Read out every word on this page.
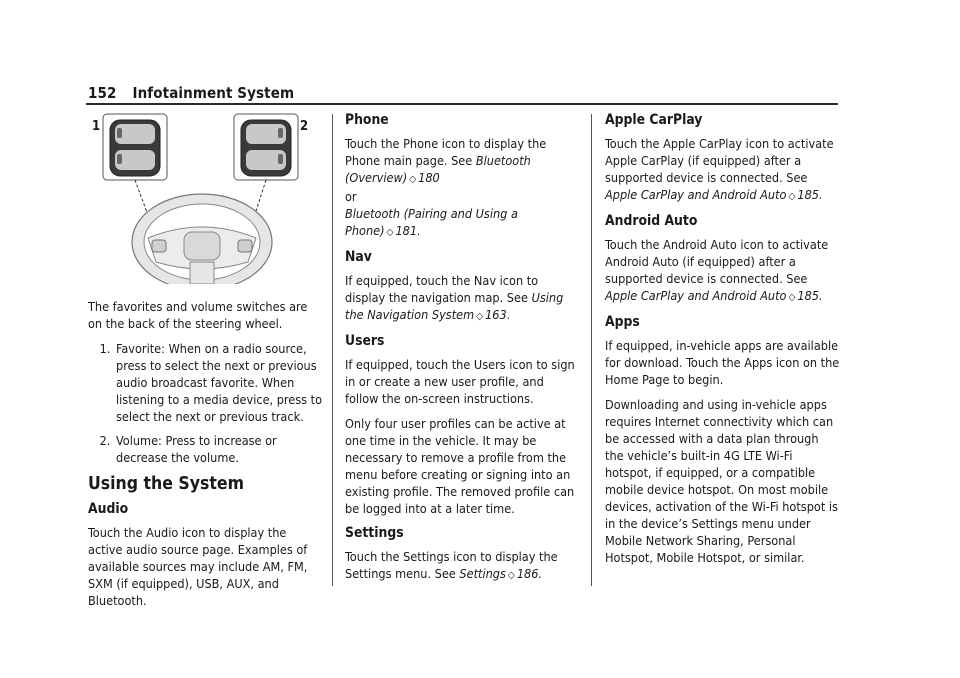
152 Infotainment System
1	2

The favorites and volume switches are on the back of the steering wheel.

1. Favorite: When on a radio source, press to select the next or previous audio broadcast favorite. When listening to a media device, press to select the next or previous track.
2. Volume: Press to increase or decrease the volume.
Using the System
Audio

Touch the Audio icon to display the active audio source page. Examples of available sources may include AM, FM, SXM (if equipped), USB, AUX, and Bluetooth.

Phone

Touch the Phone icon to display the Phone main page. See Bluetooth (Overview) ◇ 180
or
Bluetooth (Pairing and Using a Phone) ◇ 181.

Nav

If equipped, touch the Nav icon to display the navigation map. See Using the Navigation System ◇ 163.

Users

If equipped, touch the Users icon to sign in or create a new user profile, and follow the on-screen instructions.

Only four user profiles can be active at one time in the vehicle. It may be necessary to remove a profile from the menu before creating or signing into an existing profile. The removed profile can be logged into at a later time.

Settings

Touch the Settings icon to display the Settings menu. See Settings ◇ 186.

Apple CarPlay

Touch the Apple CarPlay icon to activate Apple CarPlay (if equipped) after a supported device is connected. See Apple CarPlay and Android Auto ◇ 185.

Android Auto

Touch the Android Auto icon to activate Android Auto (if equipped) after a supported device is connected. See Apple CarPlay and Android Auto ◇ 185.

Apps

If equipped, in-vehicle apps are available for download. Touch the Apps icon on the Home Page to begin.

Downloading and using in-vehicle apps requires Internet connectivity which can be accessed with a data plan through the vehicle’s built-in 4G LTE Wi-Fi hotspot, if equipped, or a compatible mobile device hotspot. On most mobile devices, activation of the Wi-Fi hotspot is in the device’s Settings menu under Mobile Network Sharing, Personal Hotspot, Mobile Hotspot, or similar.
